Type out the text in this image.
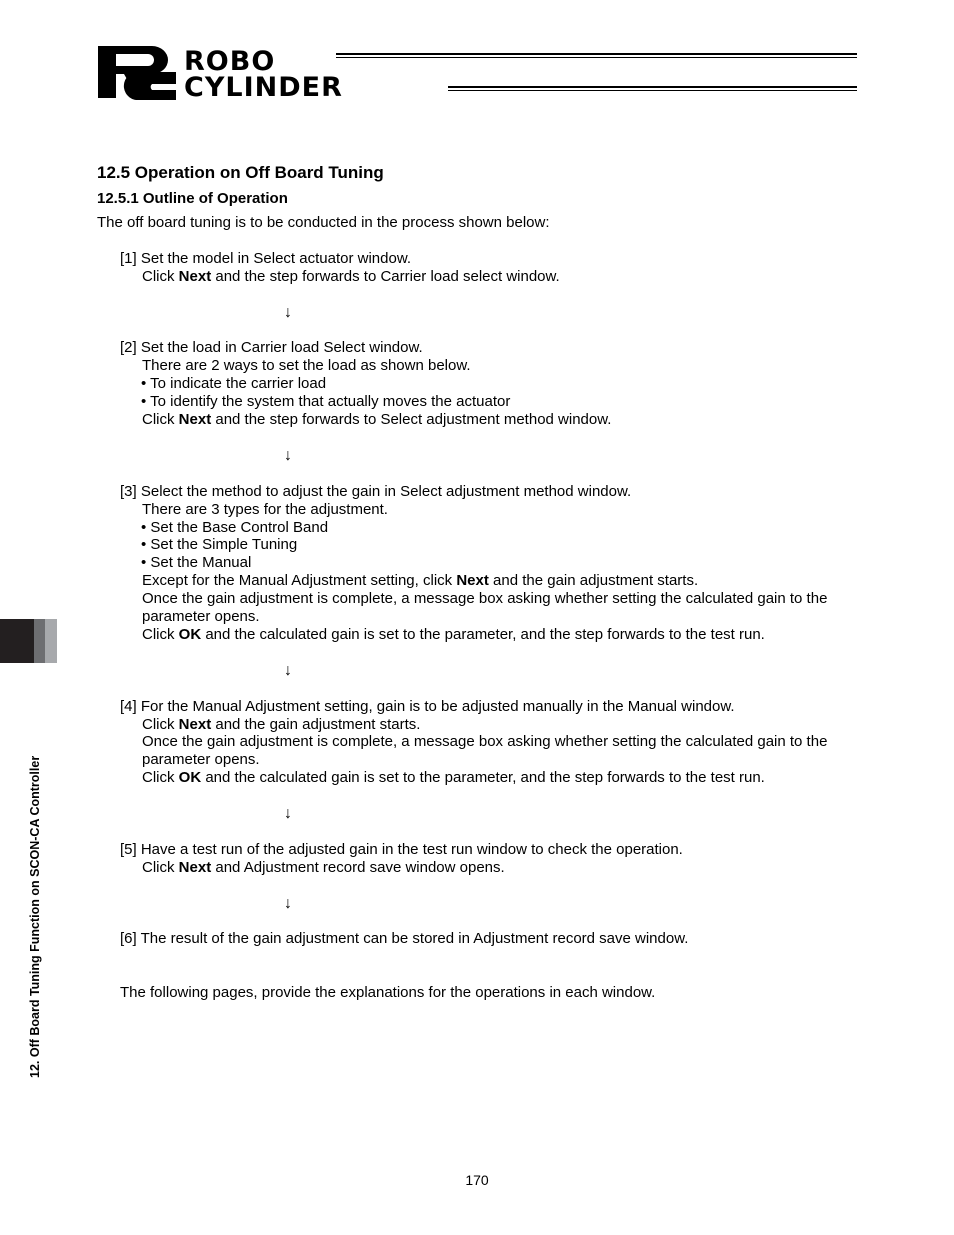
ROBO
CYLINDER
12.5 Operation on Off Board Tuning
12.5.1 Outline of Operation

The off board tuning is to be conducted in the process shown below:

[1] Set the model in Select actuator window.

Click Next and the step forwards to Carrier load select window.

↓

[2] Set the load in Carrier load Select window.

There are 2 ways to set the load as shown below.

• To indicate the carrier load

• To identify the system that actually moves the actuator

Click Next and the step forwards to Select adjustment method window.

↓

[3] Select the method to adjust the gain in Select adjustment method window.

There are 3 types for the adjustment.

• Set the Base Control Band

• Set the Simple Tuning

• Set the Manual

Except for the Manual Adjustment setting, click Next and the gain adjustment starts.

Once the gain adjustment is complete, a message box asking whether setting the calculated gain to the

parameter opens.

Click OK and the calculated gain is set to the parameter, and the step forwards to the test run.

↓

[4] For the Manual Adjustment setting, gain is to be adjusted manually in the Manual window.

Click Next and the gain adjustment starts.

Once the gain adjustment is complete, a message box asking whether setting the calculated gain to the

parameter opens.

Click OK and the calculated gain is set to the parameter, and the step forwards to the test run.

↓

[5] Have a test run of the adjusted gain in the test run window to check the operation.

Click Next and Adjustment record save window opens.

↓

[6] The result of the gain adjustment can be stored in Adjustment record save window.

The following pages, provide the explanations for the operations in each window.

12. Off Board Tuning Function on SCON-CA Controller
170
